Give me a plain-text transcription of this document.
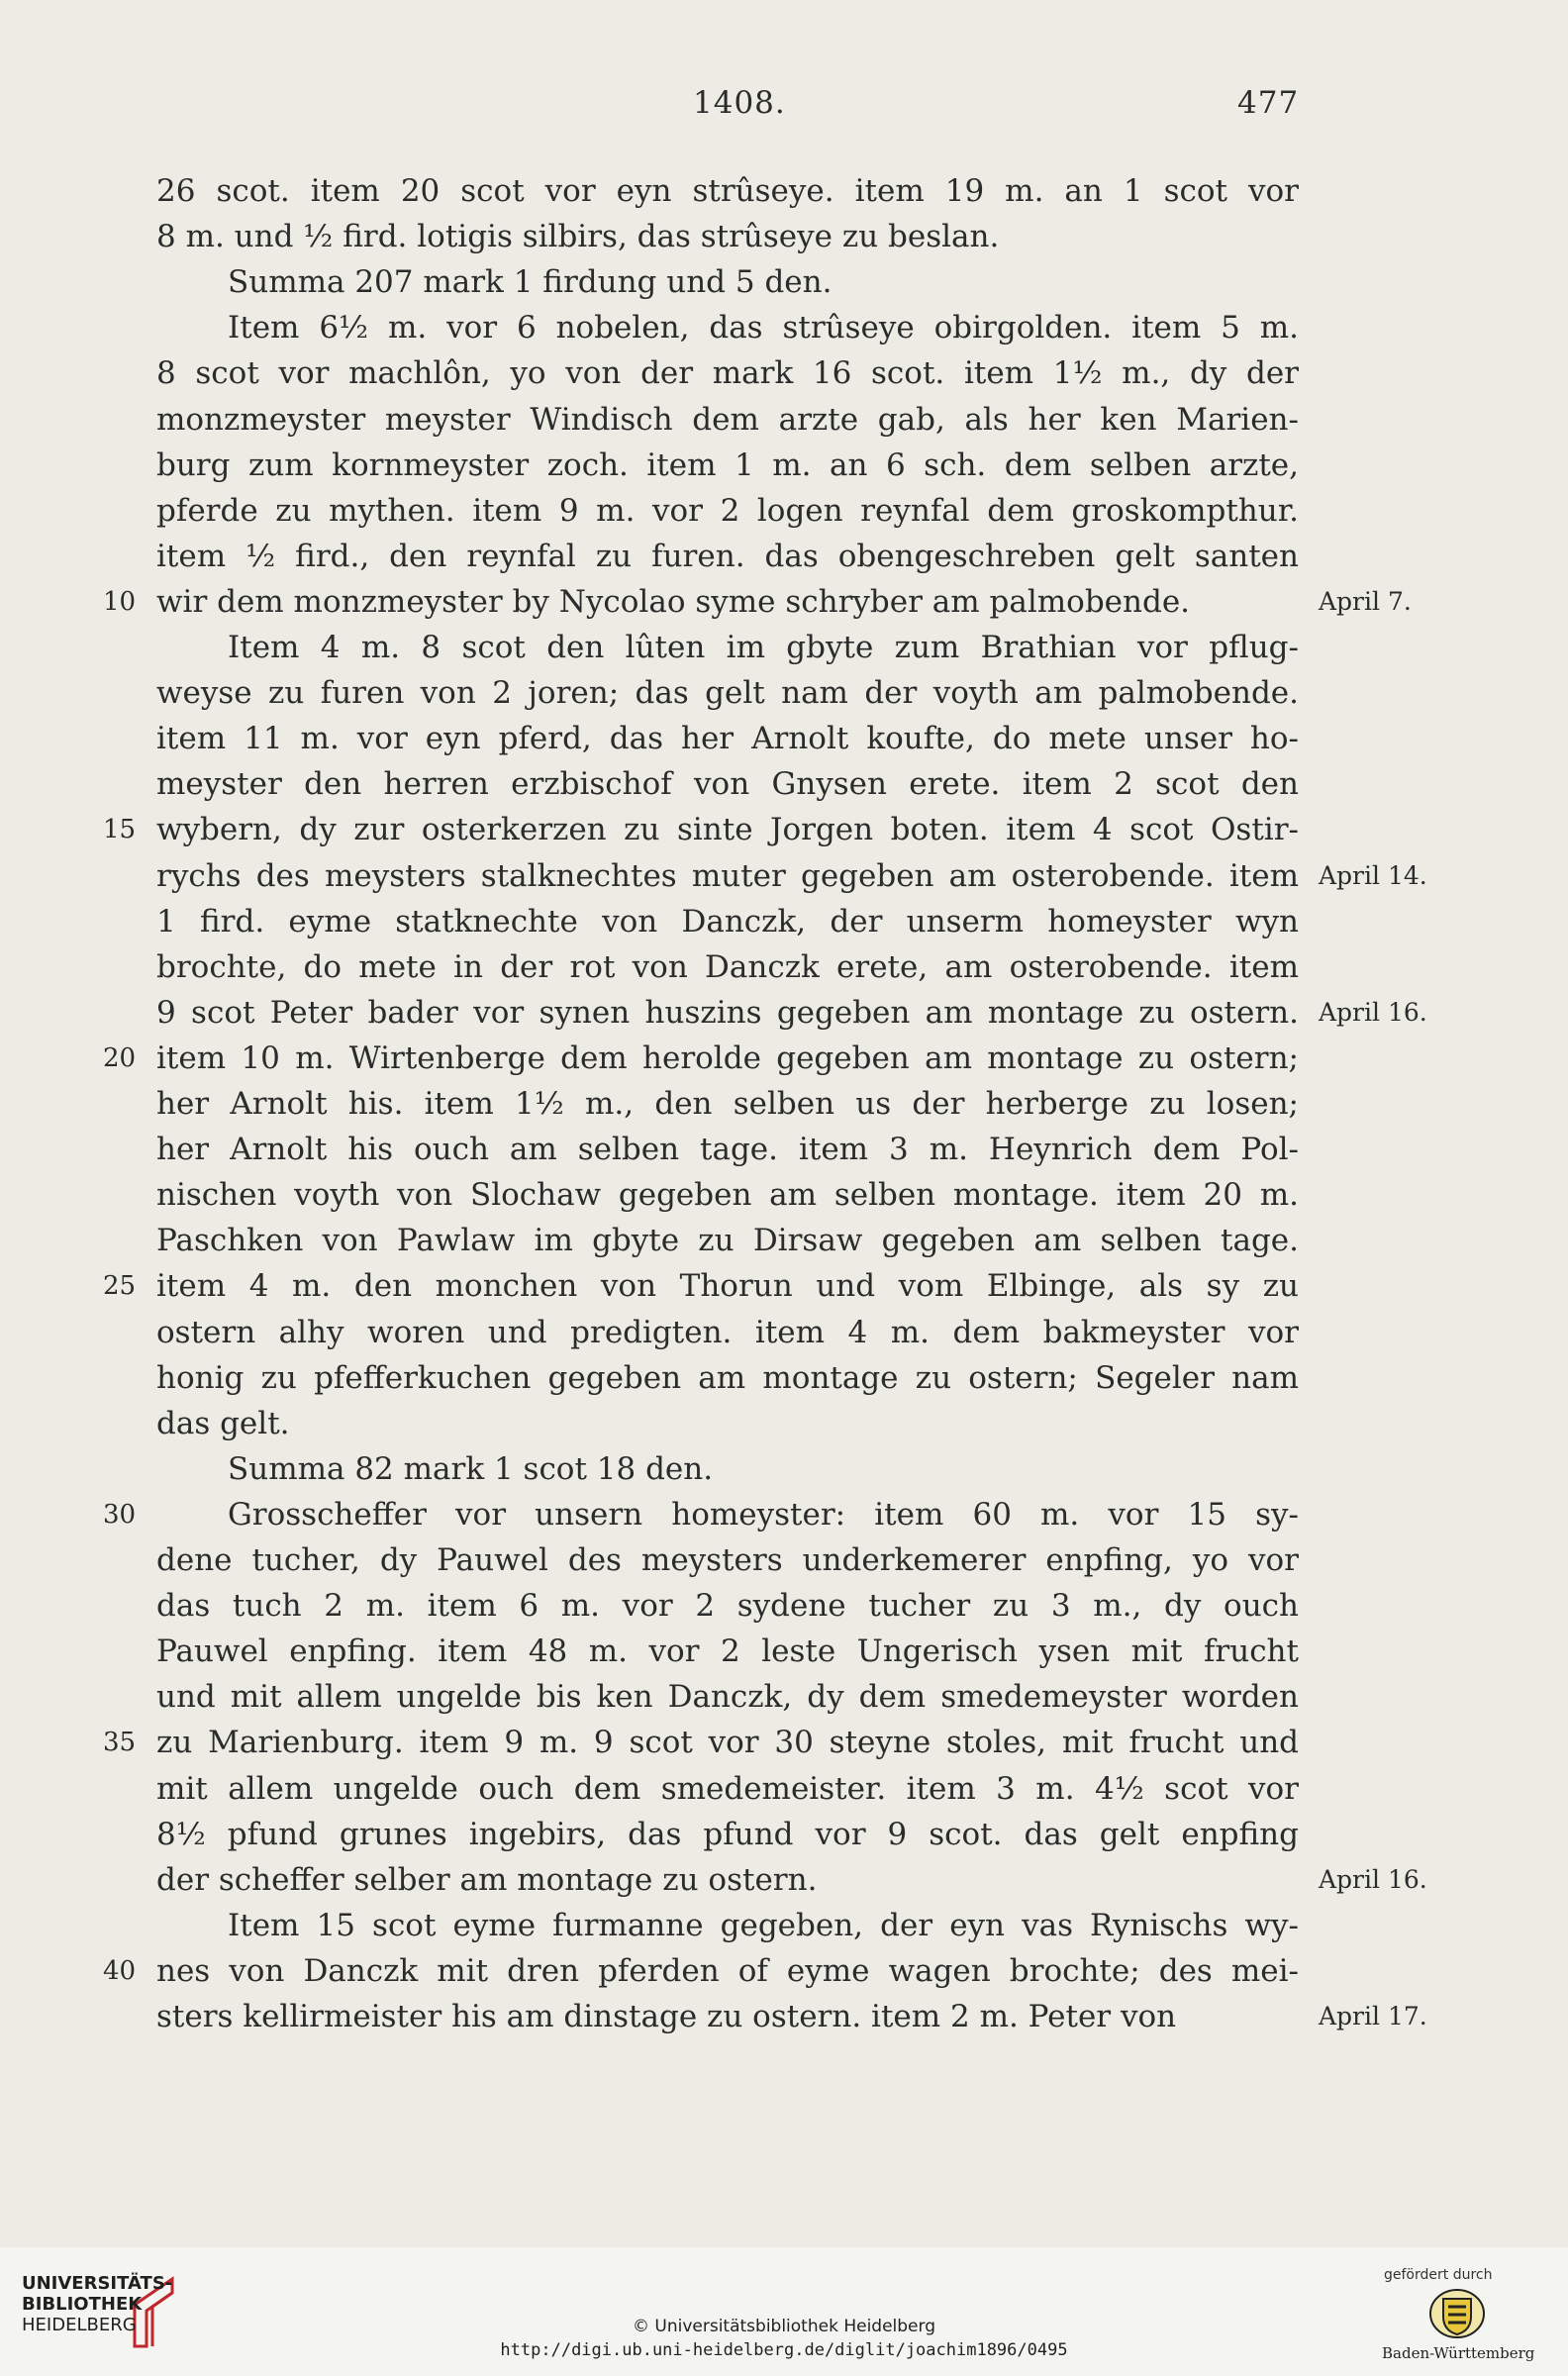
1408.	477
26 scot. item 20 scot vor eyn strûseye. item 19 m. an 1 scot vor
8 m. und ½ fird. lotigis silbirs, das strûseye zu beslan.
Summa 207 mark 1 firdung und 5 den.
Item 6½ m. vor 6 nobelen, das strûseye obirgolden. item 5 m.
8 scot vor machlôn, yo von der mark 16 scot. item 1½ m., dy der
monzmeyster meyster Windisch dem arzte gab, als her ken Marien-
burg zum kornmeyster zoch. item 1 m. an 6 sch. dem selben arzte,
pferde zu mythen. item 9 m. vor 2 logen reynfal dem groskompthur.
item ½ fird., den reynfal zu furen. das obengeschreben gelt santen
wir dem monzmeyster by Nycolao syme schryber am palmobende.
10	April 7.
Item 4 m. 8 scot den lûten im gbyte zum Brathian vor pflug-
weyse zu furen von 2 joren; das gelt nam der voyth am palmobende.
item 11 m. vor eyn pferd, das her Arnolt koufte, do mete unser ho-
meyster den herren erzbischof von Gnysen erete. item 2 scot den
wybern, dy zur osterkerzen zu sinte Jorgen boten. item 4 scot Ostir-
15
rychs des meysters stalknechtes muter gegeben am osterobende. item April 14.
1 fird. eyme statknechte von Danczk, der unserm homeyster wyn
brochte, do mete in der rot von Danczk erete, am osterobende. item
9 scot Peter bader vor synen huszins gegeben am montage zu ostern. April 16.
item 10 m. Wirtenberge dem herolde gegeben am montage zu ostern;
20
her Arnolt his. item 1½ m., den selben us der herberge zu losen;
her Arnolt his ouch am selben tage. item 3 m. Heynrich dem Pol-
nischen voyth von Slochaw gegeben am selben montage. item 20 m.
Paschken von Pawlaw im gbyte zu Dirsaw gegeben am selben tage.
item 4 m. den monchen von Thorun und vom Elbinge, als sy zu
25
ostern alhy woren und predigten. item 4 m. dem bakmeyster vor
honig zu pfefferkuchen gegeben am montage zu ostern; Segeler nam
das gelt.
Summa 82 mark 1 scot 18 den.
Grosscheffer vor unsern homeyster: item 60 m. vor 15 sy-
30
dene tucher, dy Pauwel des meysters underkemerer enpfing, yo vor
das tuch 2 m. item 6 m. vor 2 sydene tucher zu 3 m., dy ouch
Pauwel enpfing. item 48 m. vor 2 leste Ungerisch ysen mit frucht
und mit allem ungelde bis ken Danczk, dy dem smedemeyster worden
zu Marienburg. item 9 m. 9 scot vor 30 steyne stoles, mit frucht und
35
mit allem ungelde ouch dem smedemeister. item 3 m. 4½ scot vor
8½ pfund grunes ingebirs, das pfund vor 9 scot. das gelt enpfing
der scheffer selber am montage zu ostern.	April 16.
Item 15 scot eyme furmanne gegeben, der eyn vas Rynischs wy-
nes von Danczk mit dren pferden of eyme wagen brochte; des mei-
40
sters kellirmeister his am dinstage zu ostern. item 2 m. Peter von	April 17.
UNIVERSITÄTS-
BIBLIOTHEK
HEIDELBERG	© Universitätsbibliothek Heidelberg
http://digi.ub.uni-heidelberg.de/diglit/joachim1896/0495
gefördert durch
Baden-Württemberg
